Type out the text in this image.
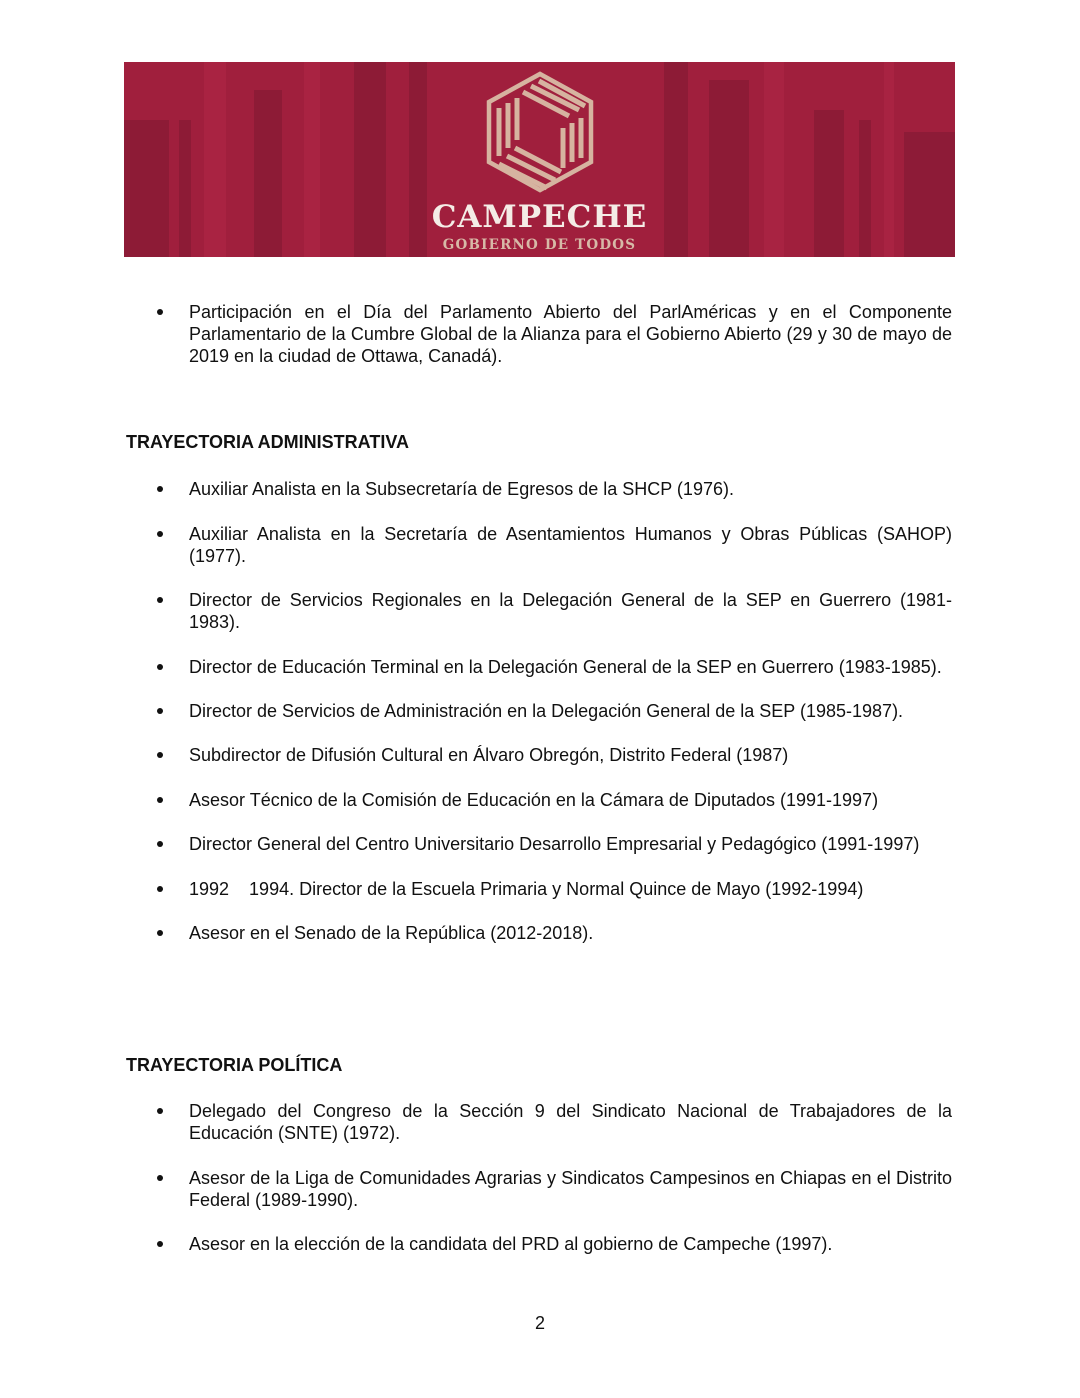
CAMPECHE
GOBIERNO DE TODOS
Participación en el Día del Parlamento Abierto del ParlAméricas y en el Componente Parlamentario de la Cumbre Global de la Alianza para el Gobierno Abierto (29 y 30 de mayo de 2019 en la ciudad de Ottawa, Canadá).
TRAYECTORIA ADMINISTRATIVA
Auxiliar Analista en la Subsecretaría de Egresos de la SHCP (1976).
Auxiliar Analista en la Secretaría de Asentamientos Humanos y Obras Públicas (SAHOP) (1977).
Director de Servicios Regionales en la Delegación General de la SEP en Guerrero (1981-1983).
Director de Educación Terminal en la Delegación General de la SEP en Guerrero (1983-1985).
Director de Servicios de Administración en la Delegación General de la SEP (1985-1987).
Subdirector de Difusión Cultural en Álvaro Obregón, Distrito Federal (1987)
Asesor Técnico de la Comisión de Educación en la Cámara de Diputados (1991-1997)
Director General del Centro Universitario Desarrollo Empresarial y Pedagógico (1991-1997)
1992    1994. Director de la Escuela Primaria y Normal Quince de Mayo (1992-1994)
Asesor en el Senado de la República (2012-2018).
TRAYECTORIA POLÍTICA
Delegado del Congreso de la Sección 9 del Sindicato Nacional de Trabajadores de la Educación (SNTE) (1972).
Asesor de la Liga de Comunidades Agrarias y Sindicatos Campesinos en Chiapas en el Distrito Federal (1989-1990).
Asesor en la elección de la candidata del PRD al gobierno de Campeche (1997).
2
